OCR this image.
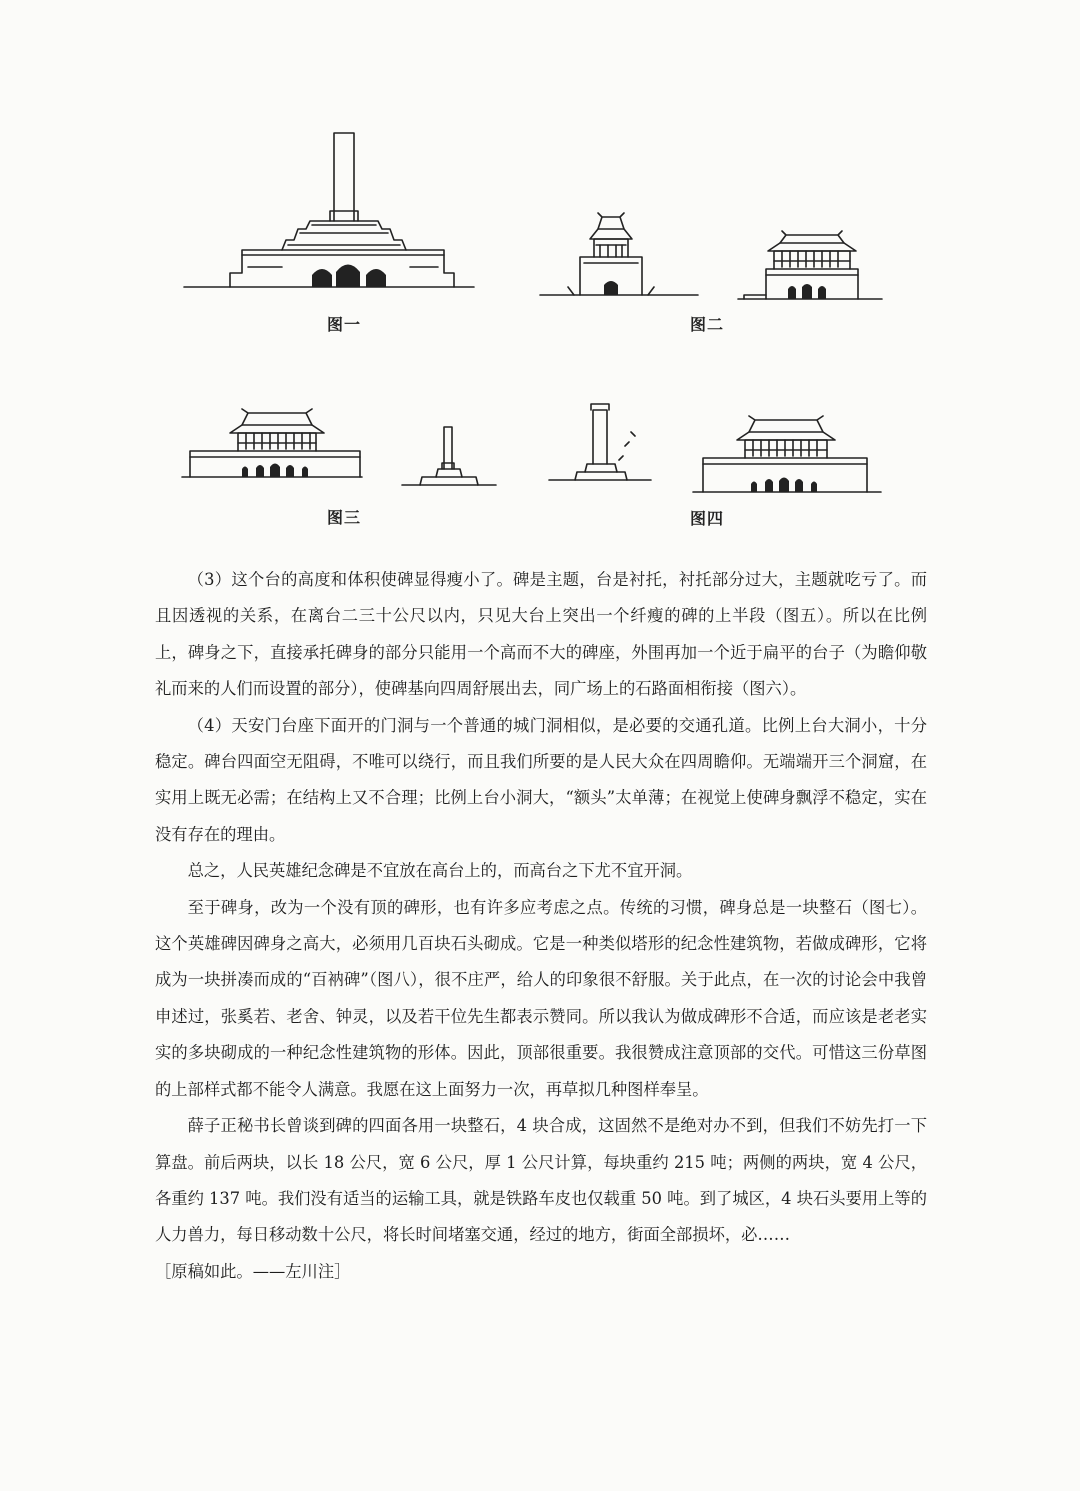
图一	图二
图三	图四

（3）这个台的高度和体积使碑显得瘦小了。碑是主题，台是衬托，衬托部分过大，主题就吃亏了。而且因透视的关系，在离台二三十公尺以内，只见大台上突出一个纤瘦的碑的上半段（图五）。所以在比例上，碑身之下，直接承托碑身的部分只能用一个高而不大的碑座，外围再加一个近于扁平的台子（为瞻仰敬礼而来的人们而设置的部分），使碑基向四周舒展出去，同广场上的石路面相衔接（图六）。

（4）天安门台座下面开的门洞与一个普通的城门洞相似，是必要的交通孔道。比例上台大洞小，十分稳定。碑台四面空无阻碍，不唯可以绕行，而且我们所要的是人民大众在四周瞻仰。无端端开三个洞窟，在实用上既无必需；在结构上又不合理；比例上台小洞大，“额头”太单薄；在视觉上使碑身飘浮不稳定，实在没有存在的理由。

总之，人民英雄纪念碑是不宜放在高台上的，而高台之下尤不宜开洞。

至于碑身，改为一个没有顶的碑形，也有许多应考虑之点。传统的习惯，碑身总是一块整石（图七）。这个英雄碑因碑身之高大，必须用几百块石头砌成。它是一种类似塔形的纪念性建筑物，若做成碑形，它将成为一块拼凑而成的“百衲碑”（图八），很不庄严，给人的印象很不舒服。关于此点，在一次的讨论会中我曾申述过，张奚若、老舍、钟灵，以及若干位先生都表示赞同。所以我认为做成碑形不合适，而应该是老老实实的多块砌成的一种纪念性建筑物的形体。因此，顶部很重要。我很赞成注意顶部的交代。可惜这三份草图的上部样式都不能令人满意。我愿在这上面努力一次，再草拟几种图样奉呈。

薛子正秘书长曾谈到碑的四面各用一块整石，4 块合成，这固然不是绝对办不到，但我们不妨先打一下算盘。前后两块，以长 18 公尺，宽 6 公尺，厚 1 公尺计算，每块重约 215 吨；两侧的两块，宽 4 公尺，各重约 137 吨。我们没有适当的运输工具，就是铁路车皮也仅载重 50 吨。到了城区，4 块石头要用上等的人力兽力，每日移动数十公尺，将长时间堵塞交通，经过的地方，街面全部损坏，必……

［原稿如此。——左川注］
